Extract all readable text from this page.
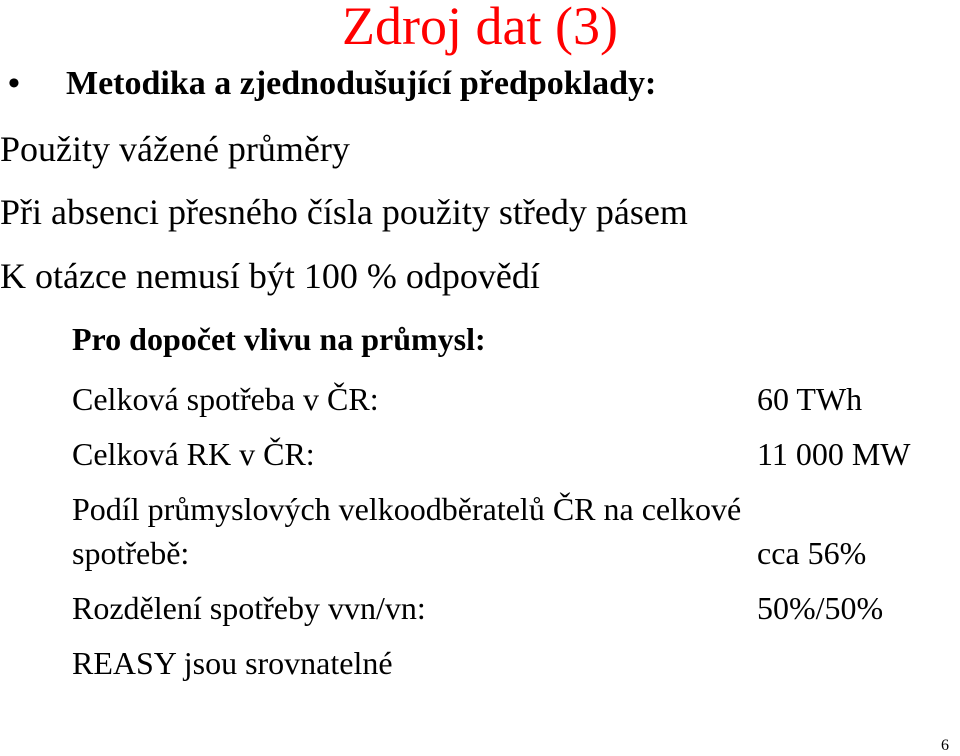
Zdroj dat (3)
• Metodika a zjednodušující předpoklady:
Použity vážené průměry
Při absenci přesného čísla použity středy pásem
K otázce nemusí být 100 % odpovědí
Pro dopočet vlivu na průmysl:
Celková spotřeba v ČR:	60 TWh
Celková RK v ČR:	11 000 MW
Podíl průmyslových velkoodběratelů ČR na celkové
spotřebě:	cca 56%
Rozdělení spotřeby vvn/vn:	50%/50%
REASY jsou srovnatelné
6
